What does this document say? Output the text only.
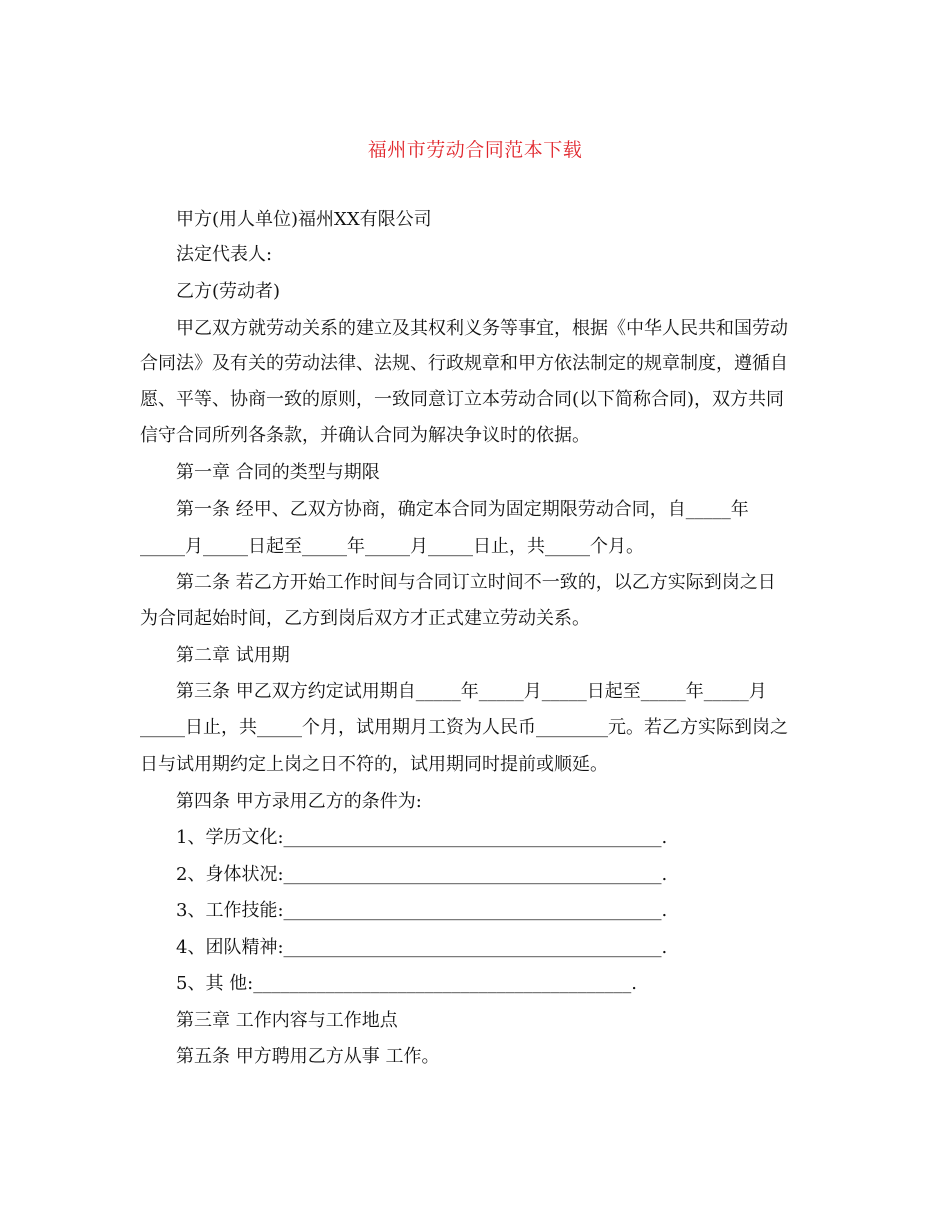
福州市劳动合同范本下载
甲方(用人单位)福州XX有限公司
法定代表人:
乙方(劳动者)
甲乙双方就劳动关系的建立及其权利义务等事宜，根据《中华人民共和国劳动
合同法》及有关的劳动法律、法规、行政规章和甲方依法制定的规章制度，遵循自
愿、平等、协商一致的原则，一致同意订立本劳动合同(以下简称合同)，双方共同
信守合同所列各条款，并确认合同为解决争议时的依据。
第一章 合同的类型与期限
第一条 经甲、乙双方协商，确定本合同为固定期限劳动合同，自_____年
_____月_____日起至_____年_____月_____日止，共_____个月。
第二条 若乙方开始工作时间与合同订立时间不一致的，以乙方实际到岗之日
为合同起始时间，乙方到岗后双方才正式建立劳动关系。
第二章 试用期
第三条 甲乙双方约定试用期自_____年_____月_____日起至_____年_____月
_____日止，共_____个月，试用期月工资为人民币________元。若乙方实际到岗之
日与试用期约定上岗之日不符的，试用期同时提前或顺延。
第四条 甲方录用乙方的条件为:
1、学历文化:__________________________________________.
2、身体状况:__________________________________________.
3、工作技能:__________________________________________.
4、团队精神:__________________________________________.
5、其 他:__________________________________________.
第三章 工作内容与工作地点
第五条 甲方聘用乙方从事 工作。
